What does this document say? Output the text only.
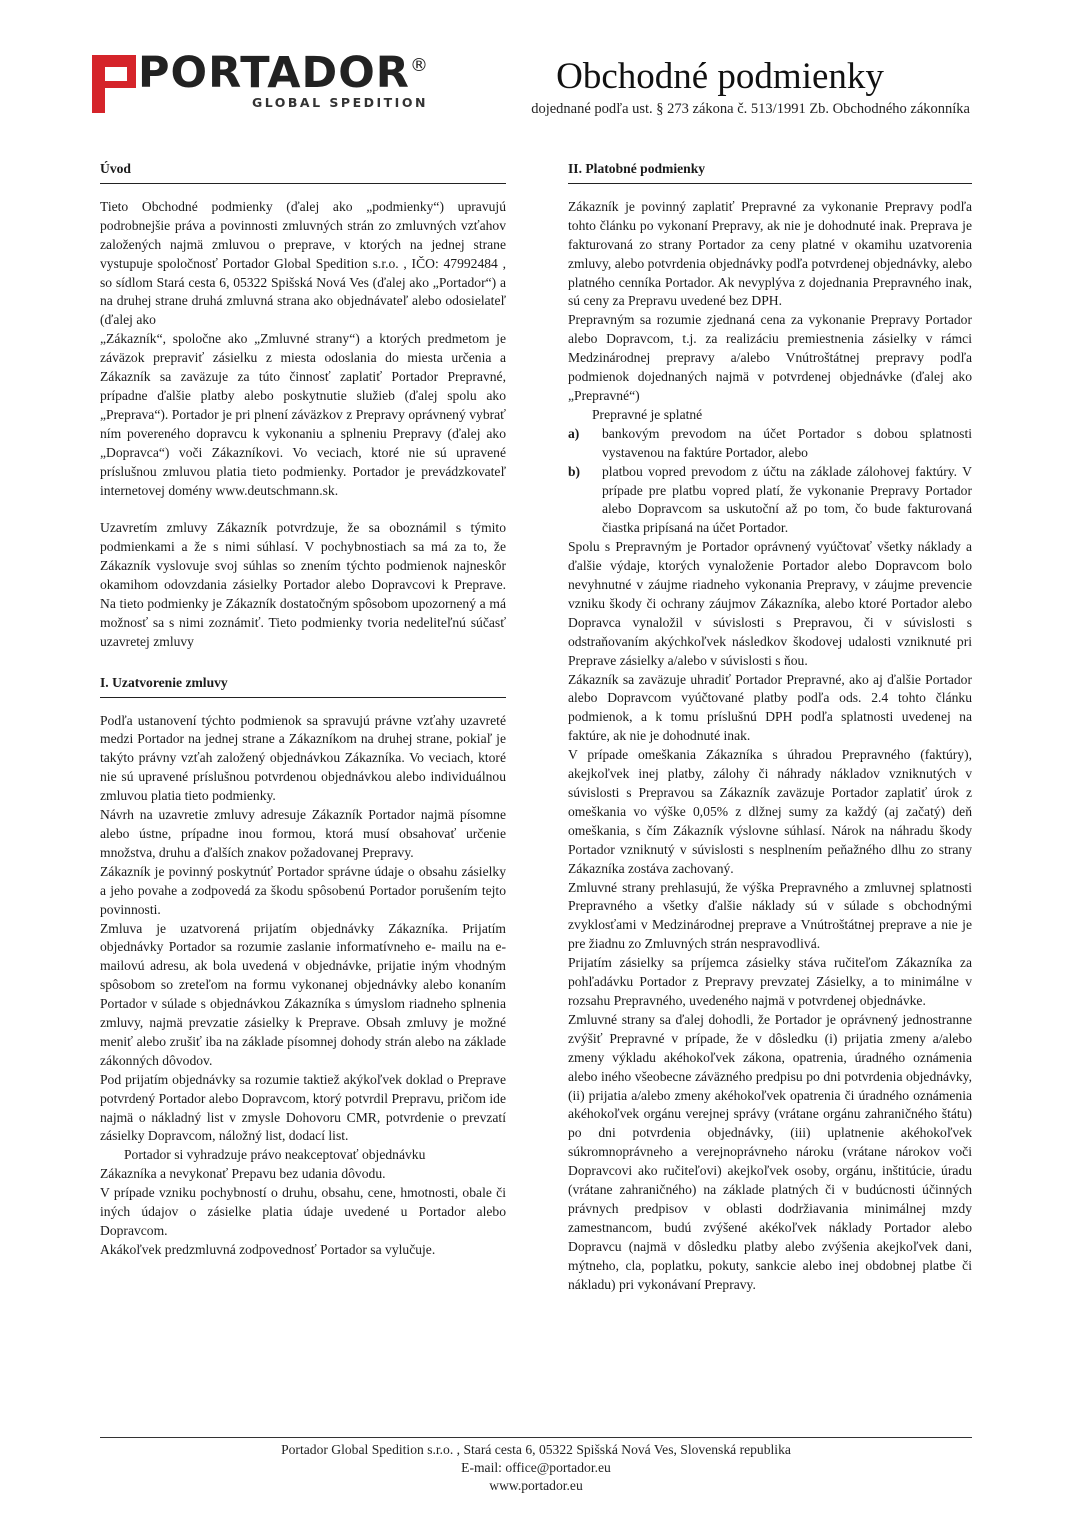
PORTADOR ®
GLOBAL SPEDITION
Obchodné podmienky
dojednané podľa ust. § 273 zákona č. 513/1991 Zb. Obchodného zákonníka
Úvod

Tieto Obchodné podmienky (ďalej ako „podmienky“) upravujú podrobnejšie práva a povinnosti zmluvných strán zo zmluvných vzťahov založených najmä zmluvou o preprave, v ktorých na jednej strane vystupuje spoločnosť Portador Global Spedition s.r.o. , IČO: 47992484 , so sídlom Stará cesta 6, 05322 Spišská Nová Ves (ďalej ako „Portador“) a na druhej strane druhá zmluvná strana ako objednávateľ alebo odosielateľ (ďalej ako

„Zákazník“, spoločne ako „Zmluvné strany“) a ktorých predmetom je záväzok prepraviť zásielku z miesta odoslania do miesta určenia a Zákazník sa zaväzuje za túto činnosť zaplatiť Portador Prepravné, prípadne ďalšie platby alebo poskytnutie služieb (ďalej spolu ako „Preprava“). Portador je pri plnení záväzkov z Prepravy oprávnený vybrať ním povereného dopravcu k vykonaniu a splneniu Prepravy (ďalej ako „Dopravca“) voči Zákazníkovi. Vo veciach, ktoré nie sú upravené príslušnou zmluvou platia tieto podmienky. Portador je prevádzkovateľ internetovej domény www.deutschmann.sk.

Uzavretím zmluvy Zákazník potvrdzuje, že sa oboznámil s týmito podmienkami a že s nimi súhlasí. V pochybnostiach sa má za to, že Zákazník vyslovuje svoj súhlas so znením týchto podmienok najneskôr okamihom odovzdania zásielky Portador alebo Dopravcovi k Preprave. Na tieto podmienky je Zákazník dostatočným spôsobom upozornený a má možnosť sa s nimi zoznámiť. Tieto podmienky tvoria nedeliteľnú súčasť uzavretej zmluvy

I. Uzatvorenie zmluvy

Podľa ustanovení týchto podmienok sa spravujú právne vzťahy uzavreté medzi Portador na jednej strane a Zákazníkom na druhej strane, pokiaľ je takýto právny vzťah založený objednávkou Zákazníka. Vo veciach, ktoré nie sú upravené príslušnou potvrdenou objednávkou alebo individuálnou zmluvou platia tieto podmienky.

Návrh na uzavretie zmluvy adresuje Zákazník Portador najmä písomne alebo ústne, prípadne inou formou, ktorá musí obsahovať určenie množstva, druhu a ďalších znakov požadovanej Prepravy.

Zákazník je povinný poskytnúť Portador správne údaje o obsahu zásielky a jeho povahe a zodpovedá za škodu spôsobenú Portador porušením tejto povinnosti.

Zmluva je uzatvorená prijatím objednávky Zákazníka. Prijatím objednávky Portador sa rozumie zaslanie informatívneho e- mailu na e-mailovú adresu, ak bola uvedená v objednávke, prijatie iným vhodným spôsobom so zreteľom na formu vykonanej objednávky alebo konaním Portador v súlade s objednávkou Zákazníka s úmyslom riadneho splnenia zmluvy, najmä prevzatie zásielky k Preprave. Obsah zmluvy je možné meniť alebo zrušiť iba na základe písomnej dohody strán alebo na základe zákonných dôvodov.

Pod prijatím objednávky sa rozumie taktiež akýkoľvek doklad o Preprave potvrdený Portador alebo Dopravcom, ktorý potvrdil Prepravu, pričom ide najmä o nákladný list v zmysle Dohovoru CMR, potvrdenie o prevzatí zásielky Dopravcom, náložný list, dodací list.

Portador si vyhradzuje právo neakceptovať objednávku

Zákazníka a nevykonať Prepavu bez udania dôvodu.

V prípade vzniku pochybností o druhu, obsahu, cene, hmotnosti, obale či iných údajov o zásielke platia údaje uvedené u Portador alebo Dopravcom.

Akákoľvek predzmluvná zodpovednosť Portador sa vylučuje.

II. Platobné podmienky

Zákazník je povinný zaplatiť Prepravné za vykonanie Prepravy podľa tohto článku po vykonaní Prepravy, ak nie je dohodnuté inak. Preprava je fakturovaná zo strany Portador za ceny platné v okamihu uzatvorenia zmluvy, alebo potvrdenia objednávky podľa potvrdenej objednávky, alebo platného cenníka Portador. Ak nevyplýva z dojednania Prepravného inak, sú ceny za Prepravu uvedené bez DPH.

Prepravným sa rozumie zjednaná cena za vykonanie Prepravy Portador alebo Dopravcom, t.j. za realizáciu premiestnenia zásielky v rámci Medzinárodnej prepravy a/alebo Vnútroštátnej prepravy podľa podmienok dojednaných najmä v potvrdenej objednávke (ďalej ako „Prepravné“)

Prepravné je splatné

a)	bankovým prevodom na účet Portador s dobou splatnosti vystavenou na faktúre Portador, alebo
b)	platbou vopred prevodom z účtu na základe zálohovej faktúry. V prípade pre platbu vopred platí, že vykonanie Prepravy Portador alebo Dopravcom sa uskutoční až po tom, čo bude fakturovaná čiastka pripísaná na účet Portador.

Spolu s Prepravným je Portador oprávnený vyúčtovať všetky náklady a ďalšie výdaje, ktorých vynaloženie Portador alebo Dopravcom bolo nevyhnutné v záujme riadneho vykonania Prepravy, v záujme prevencie vzniku škody či ochrany záujmov Zákazníka, alebo ktoré Portador alebo Dopravca vynaložil v súvislosti s Prepravou, či v súvislosti s odstraňovaním akýchkoľvek následkov škodovej udalosti vzniknuté pri Preprave zásielky a/alebo v súvislosti s ňou.

Zákazník sa zaväzuje uhradiť Portador Prepravné, ako aj ďalšie Portador alebo Dopravcom vyúčtované platby podľa ods. 2.4 tohto článku podmienok, a k tomu príslušnú DPH podľa splatnosti uvedenej na faktúre, ak nie je dohodnuté inak.

V prípade omeškania Zákazníka s úhradou Prepravného (faktúry), akejkoľvek inej platby, zálohy či náhrady nákladov vzniknutých v súvislosti s Prepravou sa Zákazník zaväzuje Portador zaplatiť úrok z omeškania vo výške 0,05% z dlžnej sumy za každý (aj začatý) deň omeškania, s čím Zákazník výslovne súhlasí. Nárok na náhradu škody Portador vzniknutý v súvislosti s nesplnením peňažného dlhu zo strany Zákazníka zostáva zachovaný.

Zmluvné strany prehlasujú, že výška Prepravného a zmluvnej splatnosti Prepravného a všetky ďalšie náklady sú v súlade s obchodnými zvyklosťami v Medzinárodnej preprave a Vnútroštátnej preprave a nie je pre žiadnu zo Zmluvných strán nespravodlivá.

Prijatím zásielky sa príjemca zásielky stáva ručiteľom Zákazníka za pohľadávku Portador z Prepravy prevzatej Zásielky, a to minimálne v rozsahu Prepravného, uvedeného najmä v potvrdenej objednávke.

Zmluvné strany sa ďalej dohodli, že Portador je oprávnený jednostranne zvýšiť Prepravné v prípade, že v dôsledku (i) prijatia zmeny a/alebo zmeny výkladu akéhokoľvek zákona, opatrenia, úradného oznámenia alebo iného všeobecne záväzného predpisu po dni potvrdenia objednávky, (ii) prijatia a/alebo zmeny akéhokoľvek opatrenia či úradného oznámenia akéhokoľvek orgánu verejnej správy (vrátane orgánu zahraničného štátu) po dni potvrdenia objednávky, (iii) uplatnenie akéhokoľvek súkromnoprávneho a verejnoprávneho nároku (vrátane nárokov voči Dopravcovi ako ručiteľovi) akejkoľvek osoby, orgánu, inštitúcie, úradu (vrátane zahraničného) na základe platných či v budúcnosti účinných právnych predpisov v oblasti dodržiavania minimálnej mzdy zamestnancom, budú zvýšené akékoľvek náklady Portador alebo Dopravcu (najmä v dôsledku platby alebo zvýšenia akejkoľvek dani, mýtneho, cla, poplatku, pokuty, sankcie alebo inej obdobnej platbe či nákladu) pri vykonávaní Prepravy.

Portador Global Spedition s.r.o. , Stará cesta 6, 05322 Spišská Nová Ves, Slovenská republika
E-mail: office@portador.eu
www.portador.eu
